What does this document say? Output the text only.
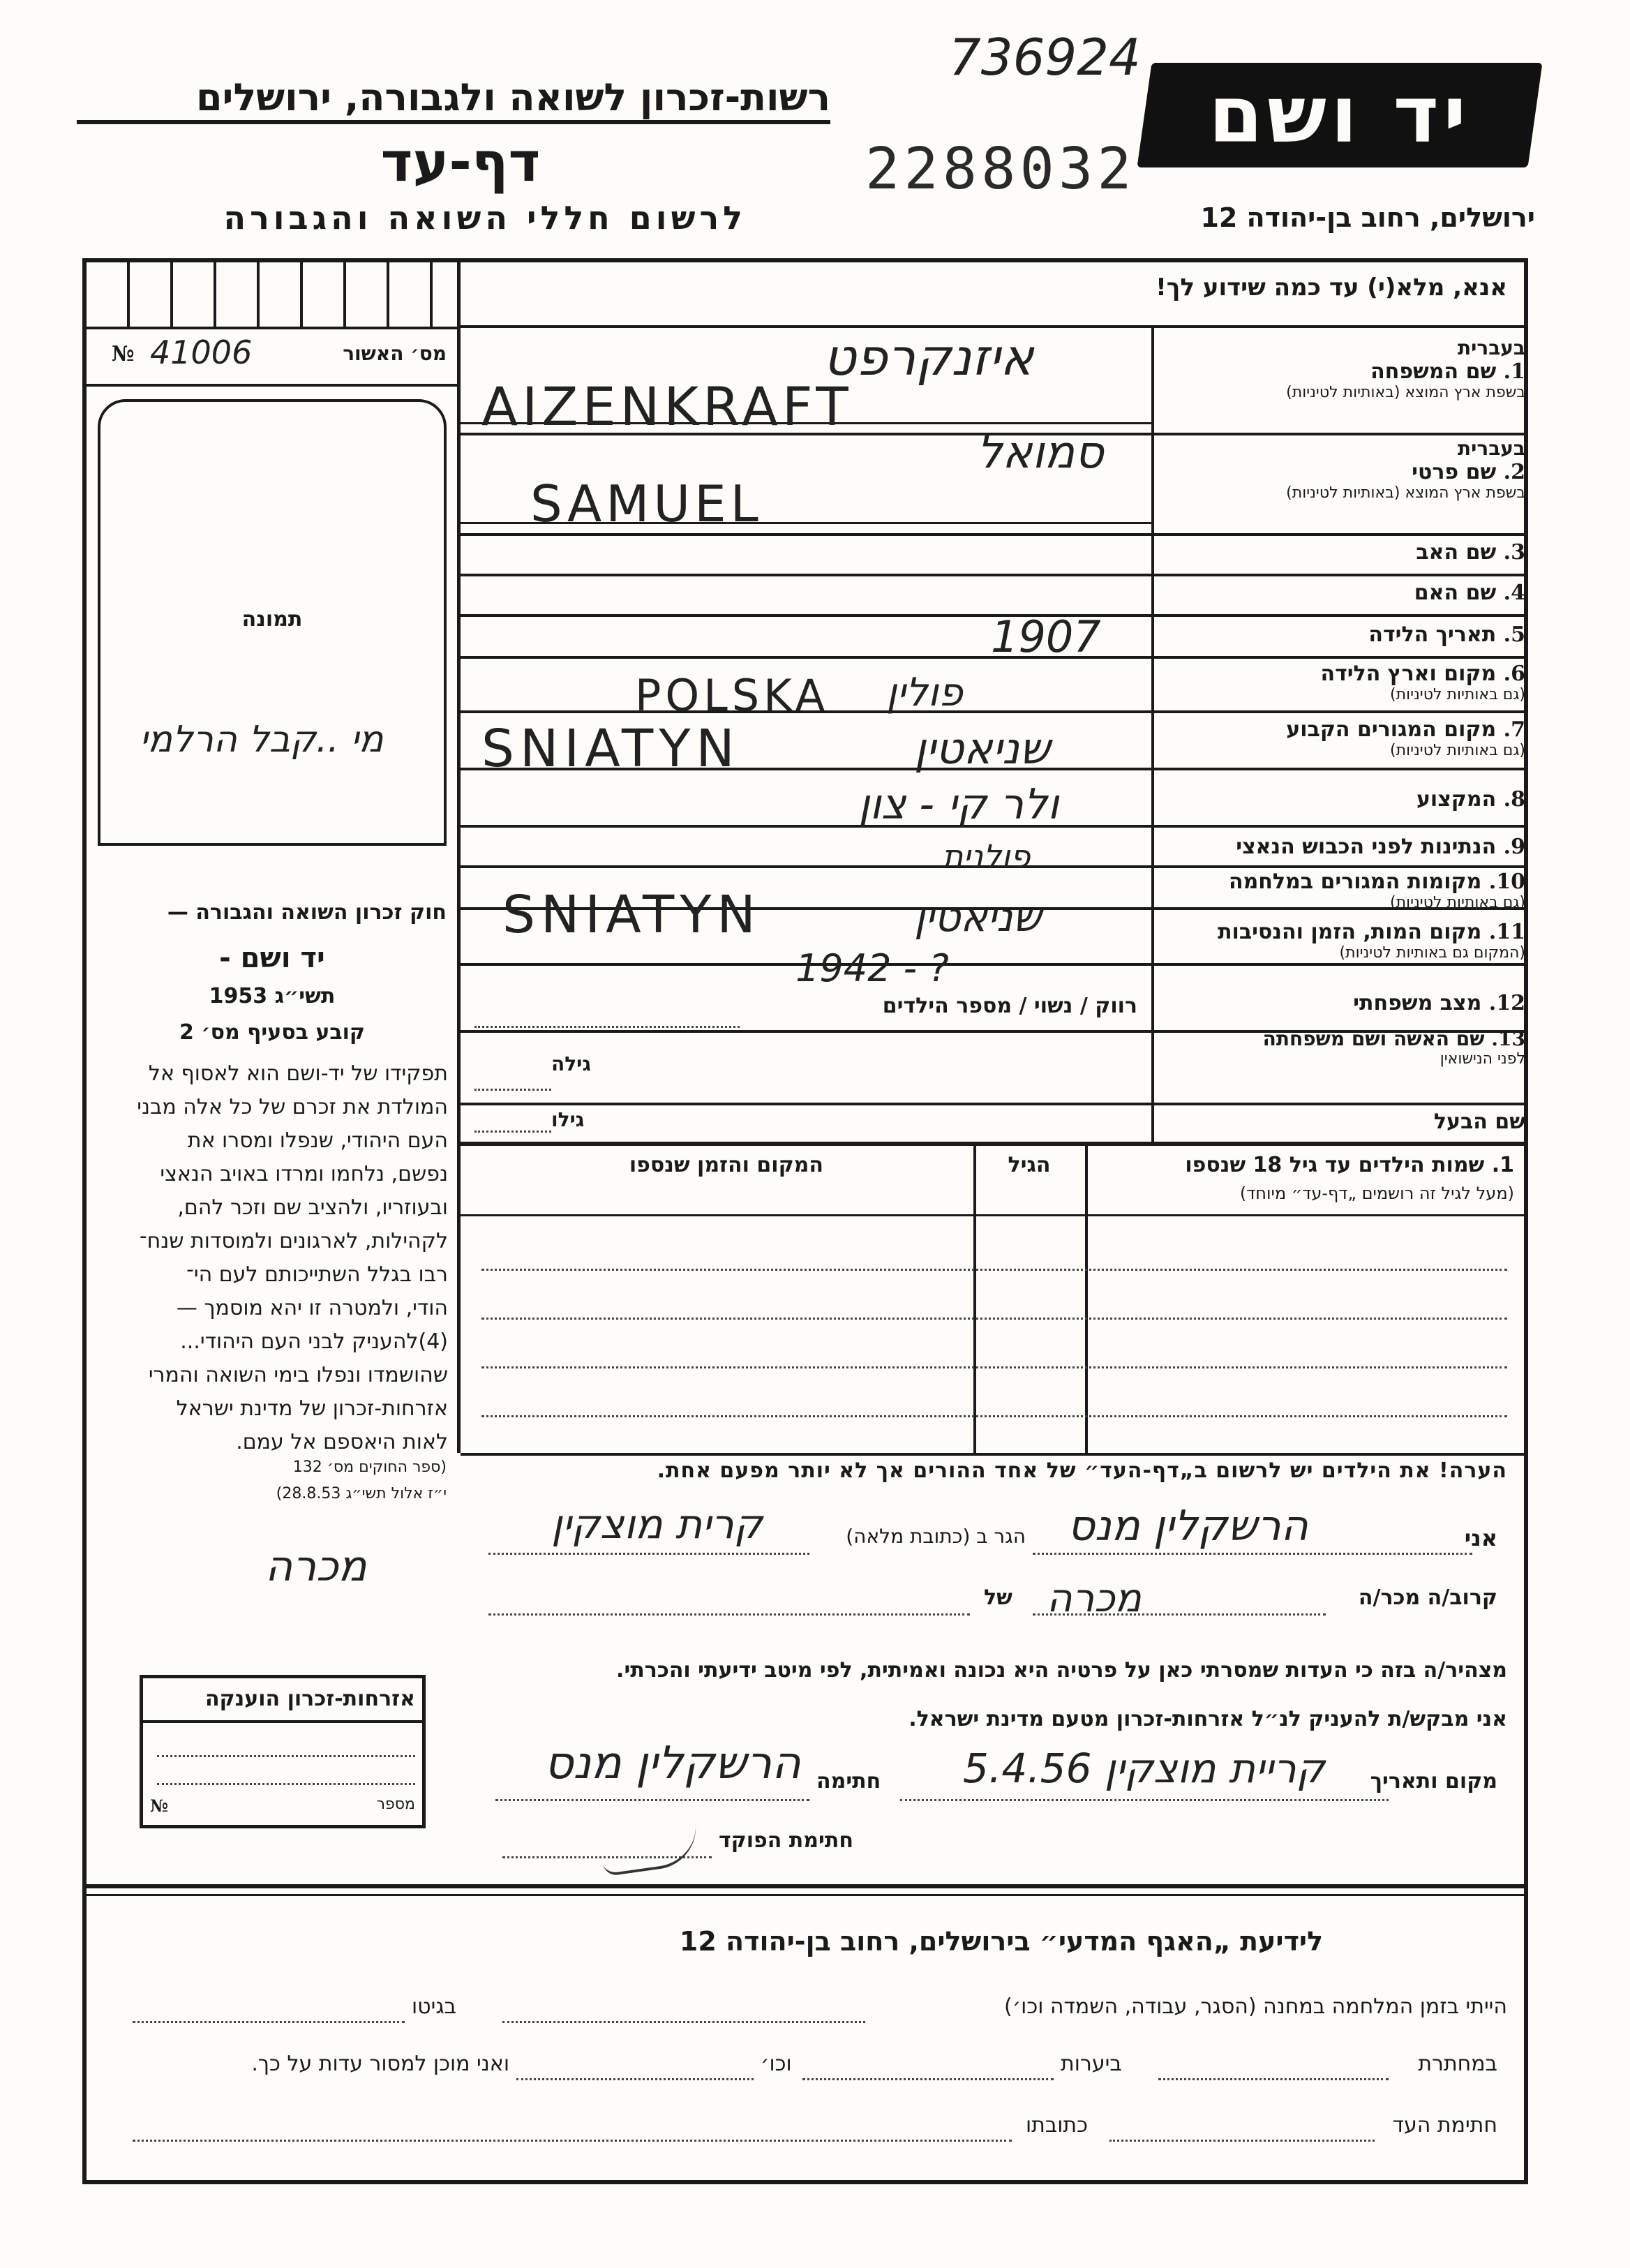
רשות-זכרון לשואה ולגבורה, ירושלים
דף-עד
לרשום חללי השואה והגבורה
2288032
736924
יד ושם
ירושלים, רחוב בן-יהודה 12
אנא, מלא(י) עד כמה שידוע לך!
מס׳ האשור
№ 41006
תמונה
מי ..קבל הרלמי
חוק זכרון השואה והגבורה —
יד ושם -
תשי״ג 1953
קובע בסעיף מס׳ 2
תפקידו של יד-ושם הוא לאסוף אל
המולדת את זכרם של כל אלה מבני
העם היהודי, שנפלו ומסרו את
נפשם, נלחמו ומרדו באויב הנאצי
ובעוזריו, ולהציב שם וזכר להם,
לקהילות, לארגונים ולמוסדות שנח־
רבו בגלל השתייכותם לעם הי־
הודי, ולמטרה זו יהא מוסמך —
(4)להעניק לבני העם היהודי...
שהושמדו ונפלו בימי השואה והמרי
אזרחות-זכרון של מדינת ישראל
לאות היאספם אל עמם.
(ספר החוקים מס׳ 132
י״ז אלול תשי״ג 28.8.53)
מכרה
אזרחות-זכרון הוענקה
מספר
№
בעברית
1. שם המשפחה
בשפת ארץ המוצא (באותיות לטיניות)
בעברית
2. שם פרטי
בשפת ארץ המוצא (באותיות לטיניות)
3. שם האב
4. שם האם
5. תאריך הלידה
6. מקום וארץ הלידה
(גם באותיות לטיניות)
7. מקום המגורים הקבוע
(גם באותיות לטיניות)
8. המקצוע
9. הנתינות לפני הכבוש הנאצי
10. מקומות המגורים במלחמה
(גם באותיות לטיניות)
11. מקום המות, הזמן והנסיבות
(המקום גם באותיות לטיניות)
12. מצב משפחתי
13. שם האשה ושם משפחתה
לפני הנישואין
שם הבעל
איזנקרפט
AIZENKRAFT
סמואל
SAMUEL
1907
POLSKA פולין
SNIATYN	שניאטין
ולר קי - צון
פולנית
SNIATYN	שניאטין
1942 - ?
רווק / נשוי / מספר הילדים
גילה
גילו
1. שמות הילדים עד גיל 18 שנספו
(מעל לגיל זה רושמים „דף-עד״ מיוחד)
הגיל
המקום והזמן שנספו
הערה! את הילדים יש לרשום ב„דף-העד״ של אחד ההורים אך לא יותר מפעם אחת.
אני
הרשקלין מנס
הגר ב (כתובת מלאה)
קרית מוצקין
קרוב/ה מכר/ה
מכרה
של
מצהיר/ה בזה כי העדות שמסרתי כאן על פרטיה היא נכונה ואמיתית, לפי מיטב ידיעתי והכרתי.
אני מבקש/ת להעניק לנ״ל אזרחות-זכרון מטעם מדינת ישראל.
מקום ותאריך
קריית מוצקין 5.4.56
חתימה
הרשקלין מנס
חתימת הפוקד
לידיעת „האגף המדעי״ בירושלים, רחוב בן-יהודה 12
הייתי בזמן המלחמה במחנה (הסגר, עבודה, השמדה וכו׳)
בגיטו
במחתרת
ביערות
וכו׳
ואני מוכן למסור עדות על כך.
חתימת העד
כתובתו
